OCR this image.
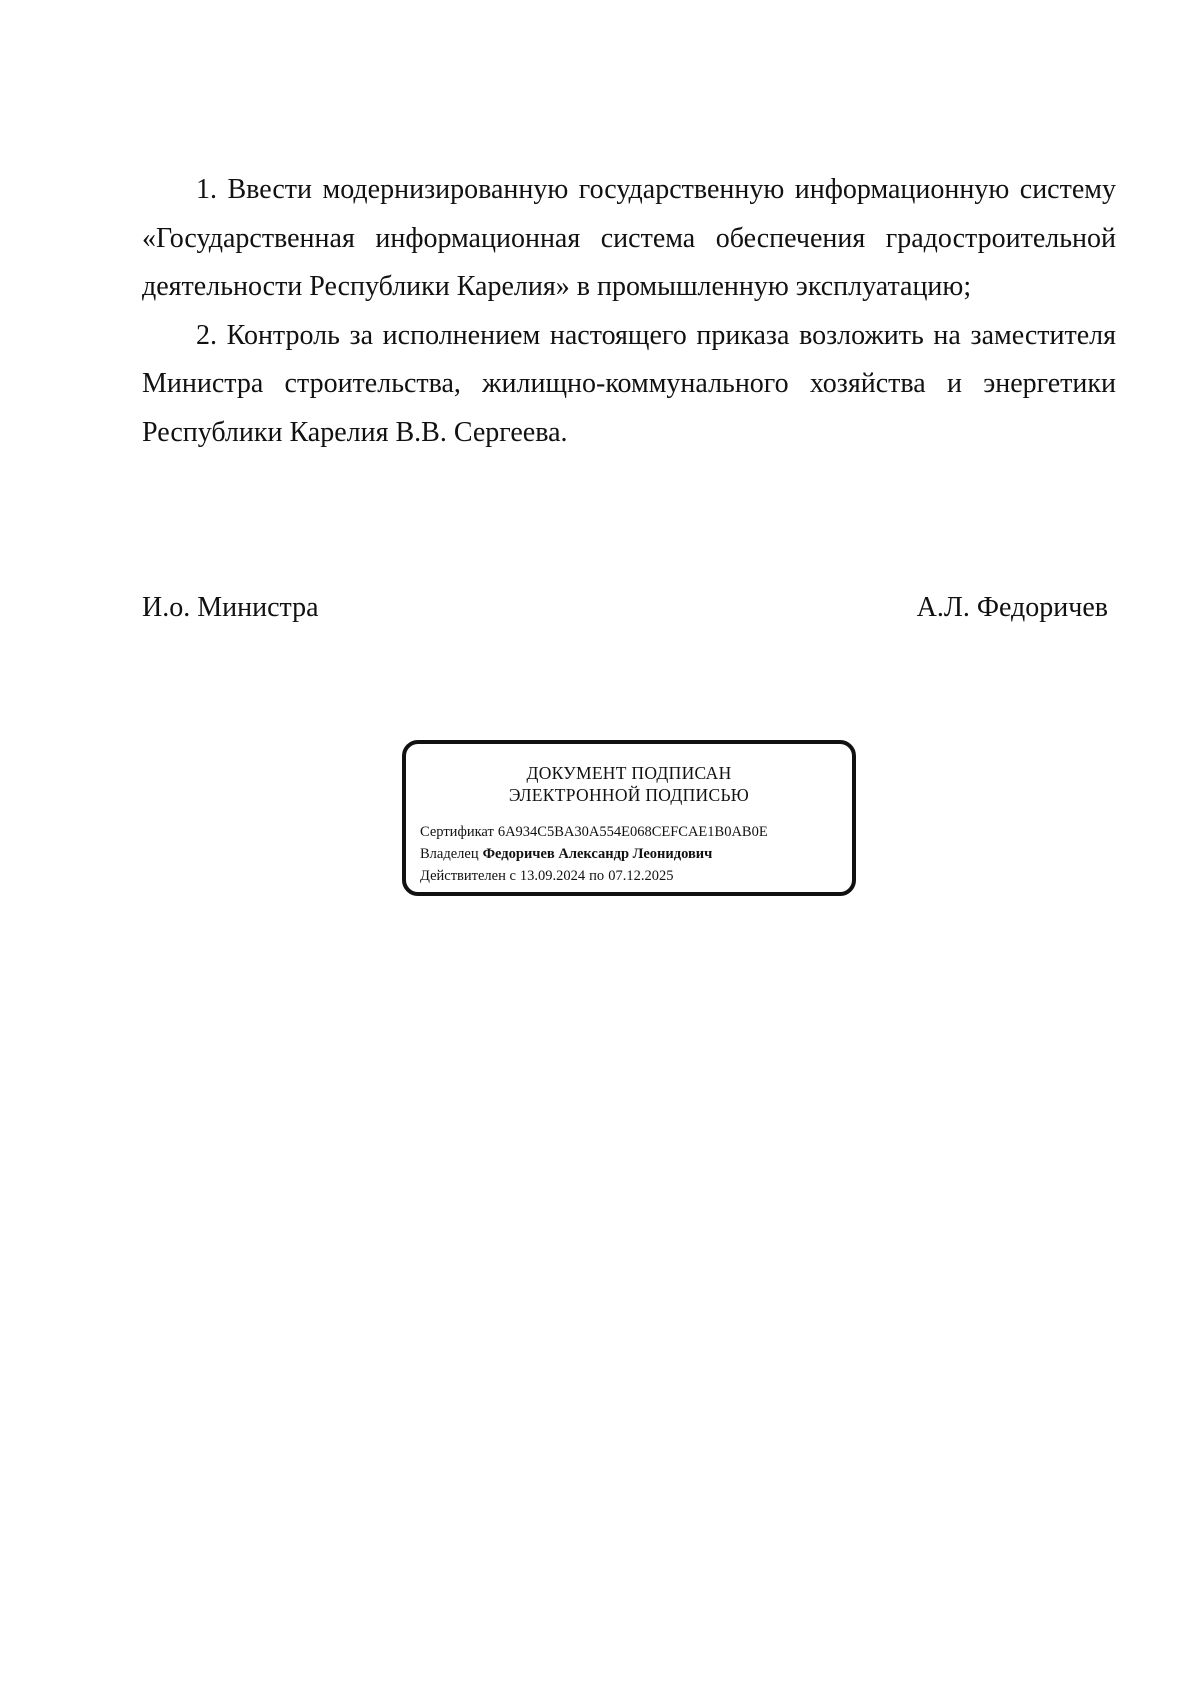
1. Ввести модернизированную государственную информационную систему «Государственная информационная система обеспечения градостроительной деятельности Республики Карелия» в промышленную эксплуатацию;

2. Контроль за исполнением настоящего приказа возложить на заместителя Министра строительства, жилищно-коммунального хозяйства и энергетики Республики Карелия В.В. Сергеева.

И.о. Министра	А.Л. Федоричев
ДОКУМЕНТ ПОДПИСАН
ЭЛЕКТРОННОЙ ПОДПИСЬЮ
Сертификат 6A934C5BA30A554E068CEFCAE1B0AB0E
Владелец Федоричев Александр Леонидович
Действителен с 13.09.2024 по 07.12.2025
